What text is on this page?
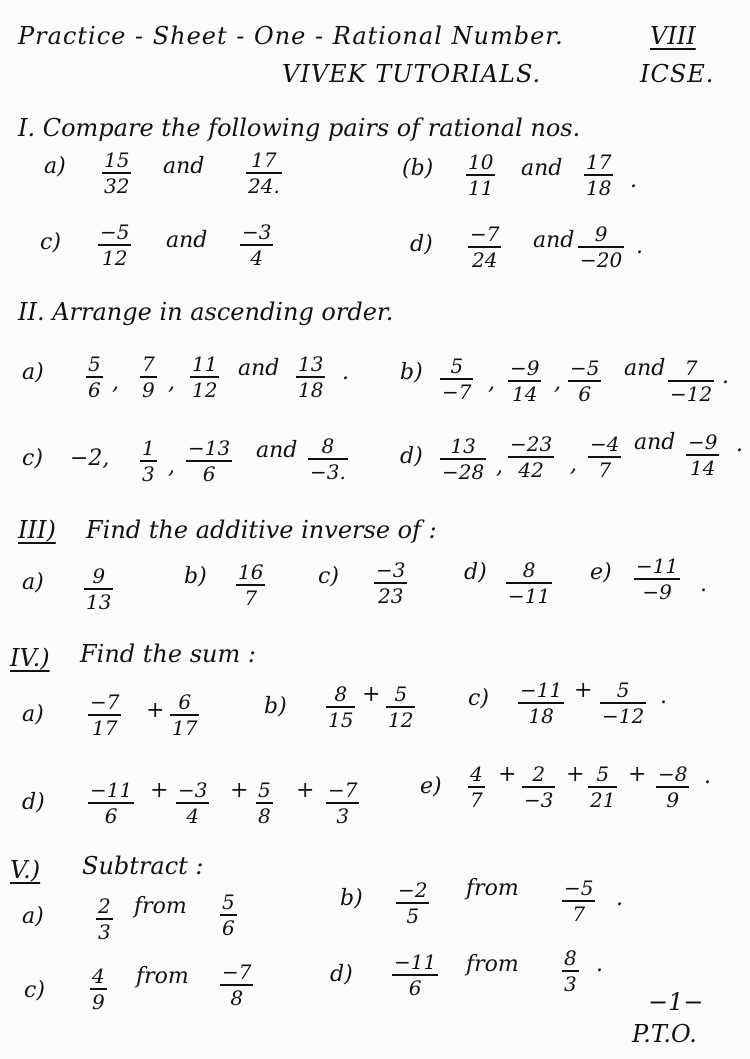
Practice - Sheet - One - Rational Number.	VIII
VIVEK TUTORIALS.	ICSE.
I. Compare the following pairs of rational nos.
a) 15
32
and 17
24.
(b) 10
11
and 17
18 .
c) −5
12
and −3
4
d) −7
24
and 9
−20
.
II. Arrange in ascending order.
a) 5
6 ,
7
9 ,
11
12
and 13
18
. b) 5
−7 ,
−9
14 ,
−5
6
and 7
−12
.
c) −2, 1
3 ,
−13
6
and 8
−3.
d) 13
−28 ,
−23
42 ,
−4
7
and −9
14
.
III) Find the additive inverse of :
a) 9
13
b) 16
7
c) −3
23
d) 8
−11
e) −11
−9 .
IV.) Find the sum :
a) −7
17
+ 6
17
b) 8
15
+ 5
12
c) −11
18
+ 5
−12
.
d) −11
6
+ −3
4
+ 5
8
+ −7
3
e) 4
7
+ 2
−3
+ 5
21
+ −8
9
.
V.) Subtract :
a)	2
3
from 5
6
b) −2
5
from −5
7
.
c)
4
9
from −7
8
d) −11
6
from 8
3
.
−1−
P.T.O.
